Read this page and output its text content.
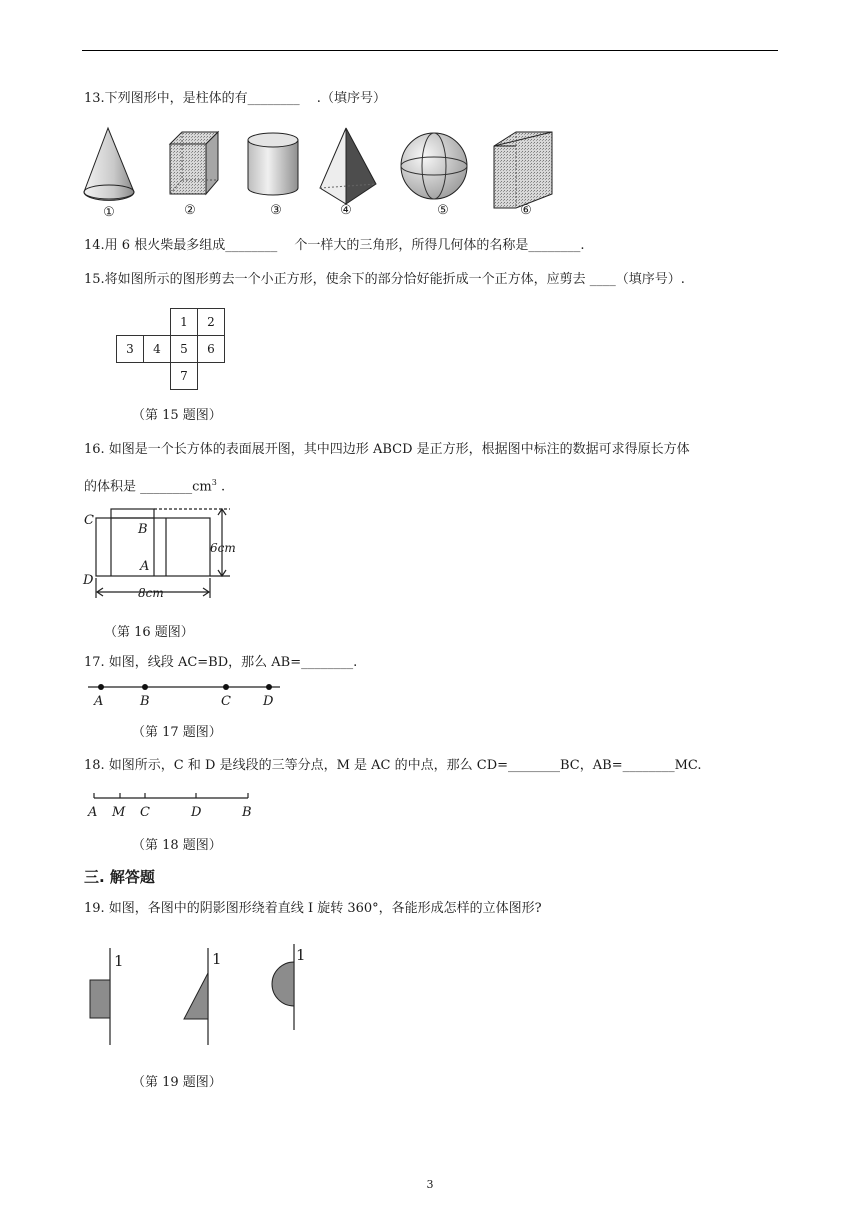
13.下列图形中，是柱体的有________　 .（填序号）
①	②	③	④	⑤	⑥
14.用 6 根火柴最多组成________　 个一样大的三角形，所得几何体的名称是________.
15.将如图所示的图形剪去一个小正方形，使余下的部分恰好能折成一个正方体，应剪去 ____（填序号）.
1 2
3 4 5 6
7
（第 15 题图）
16. 如图是一个长方体的表面展开图，其中四边形 ABCD 是正方形，根据图中标注的数据可求得原长方体
的体积是 $\_\_\_\_\_\_\_\_cm^3$ .
C
B
A
D
6cm
8cm
（第 16 题图）
17. 如图，线段 AC=BD，那么 AB=________.
A	B	C D
（第 17 题图）
18. 如图所示，C 和 D 是线段的三等分点，M 是 AC 的中点，那么 CD=________BC，AB=________MC.
A M C	D	B
（第 18 题图）
三. 解答题
19. 如图，各图中的阴影图形绕着直线 I 旋转 360°，各能形成怎样的立体图形?
1	1	1
（第 19 题图）
3
